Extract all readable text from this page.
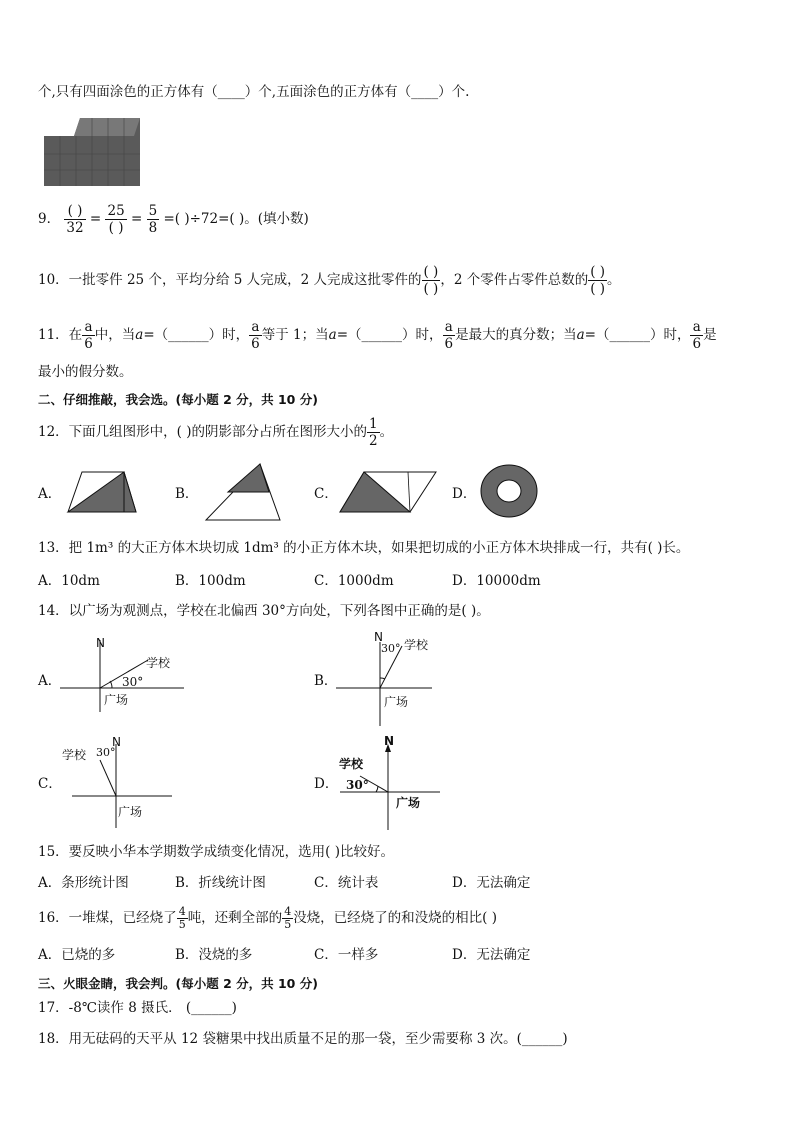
个,只有四面涂色的正方体有（____）个,五面涂色的正方体有（____）个.
9． $\frac{( )}{32} = \frac{25}{( )} = \frac{5}{8}$ =( )÷72=( )。(填小数)
10．一批零件 25 个，平均分给 5 人完成，2 人完成这批零件的 $\frac{( )}{( )}$ ，2 个零件占零件总数的 $\frac{( )}{( )}$ 。
11．在 $\frac{a}{6}$ 中，当a=（______）时， $\frac{a}{6}$ 等于 1；当a=（______）时， $\frac{a}{6}$ 是最大的真分数；当a=（______）时， $\frac{a}{6}$ 是
最小的假分数。
二、仔细推敲，我会选。(每小题 2 分，共 10 分)
12．下面几组图形中，( )的阴影部分占所在图形大小的 $\frac{1}{2}$ 。
A．	B．	C．	D．
13．把 1m³ 的大正方体木块切成 1dm³ 的小正方体木块，如果把切成的小正方体木块排成一行，共有( )长。
A．10dm	B．100dm	C．1000dm	D．10000dm
14．以广场为观测点，学校在北偏西 30°方向处，下列各图中正确的是( )。
A．
N
学校
30°
广场
B．
N
30° 学校
广场
C．
N
30°
学校
广场
D．
N
学校
30°
广场
15．要反映小华本学期数学成绩变化情况，选用( )比较好。
A．条形统计图	B．折线统计图	C．统计表	D．无法确定
16．一堆煤，已经烧了 $\frac{4}{5}$ 吨，还剩全部的 $\frac{4}{5}$ 没烧，已经烧了的和没烧的相比( )
A．已烧的多	B．没烧的多	C．一样多	D．无法确定
三、火眼金睛，我会判。(每小题 2 分，共 10 分)
17．-8℃读作 8 摄氏． (______)
18．用无砝码的天平从 12 袋糖果中找出质量不足的那一袋，至少需要称 3 次。(______)
